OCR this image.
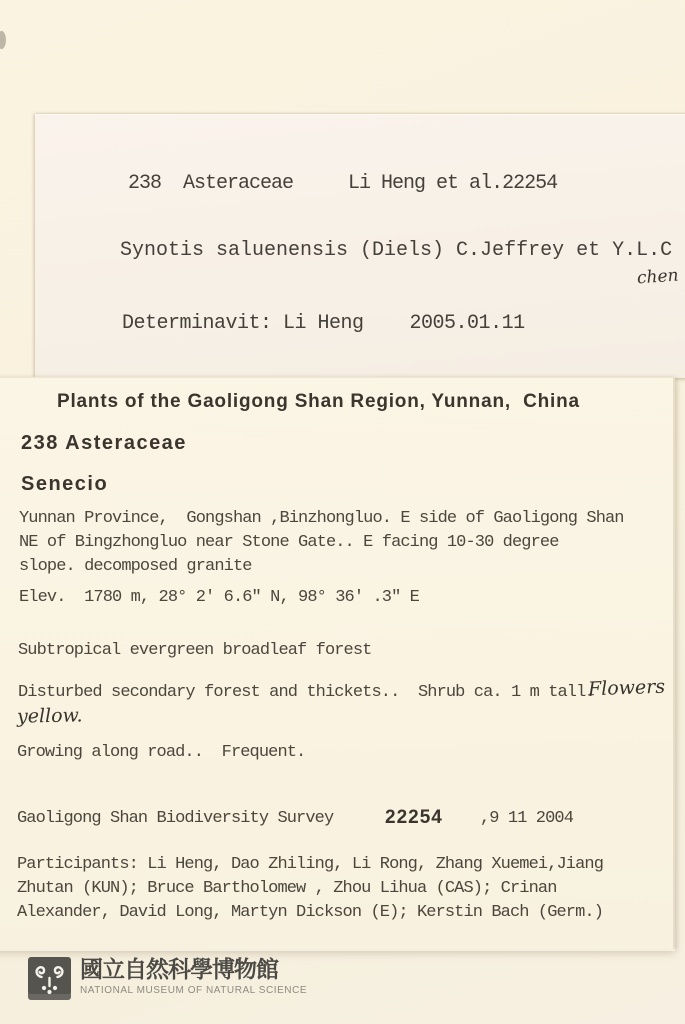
238  Asteraceae     Li Heng et al.22254
Synotis saluenensis (Diels) C.Jeffrey et Y.L.C
chen
Determinavit: Li Heng    2005.01.11
Plants of the Gaoligong Shan Region, Yunnan,  China
238 Asteraceae
Senecio
Yunnan Province,  Gongshan ,Binzhongluo. E side of Gaoligong Shan
NE of Bingzhongluo near Stone Gate.. E facing 10-30 degree
slope. decomposed granite
Elev.  1780 m, 28° 2′ 6.6″ N, 98° 36′ .3″ E
Subtropical evergreen broadleaf forest
Disturbed secondary forest and thickets..  Shrub ca. 1 m tall.
Flowers
yellow.
Growing along road..  Frequent.
Gaoligong Shan Biodiversity Survey	22254 ,9 11 2004
Participants: Li Heng, Dao Zhiling, Li Rong, Zhang Xuemei,Jiang
Zhutan (KUN); Bruce Bartholomew , Zhou Lihua (CAS); Crinan
Alexander, David Long, Martyn Dickson (E); Kerstin Bach (Germ.)
國立自然科學博物館
NATIONAL MUSEUM OF NATURAL SCIENCE
